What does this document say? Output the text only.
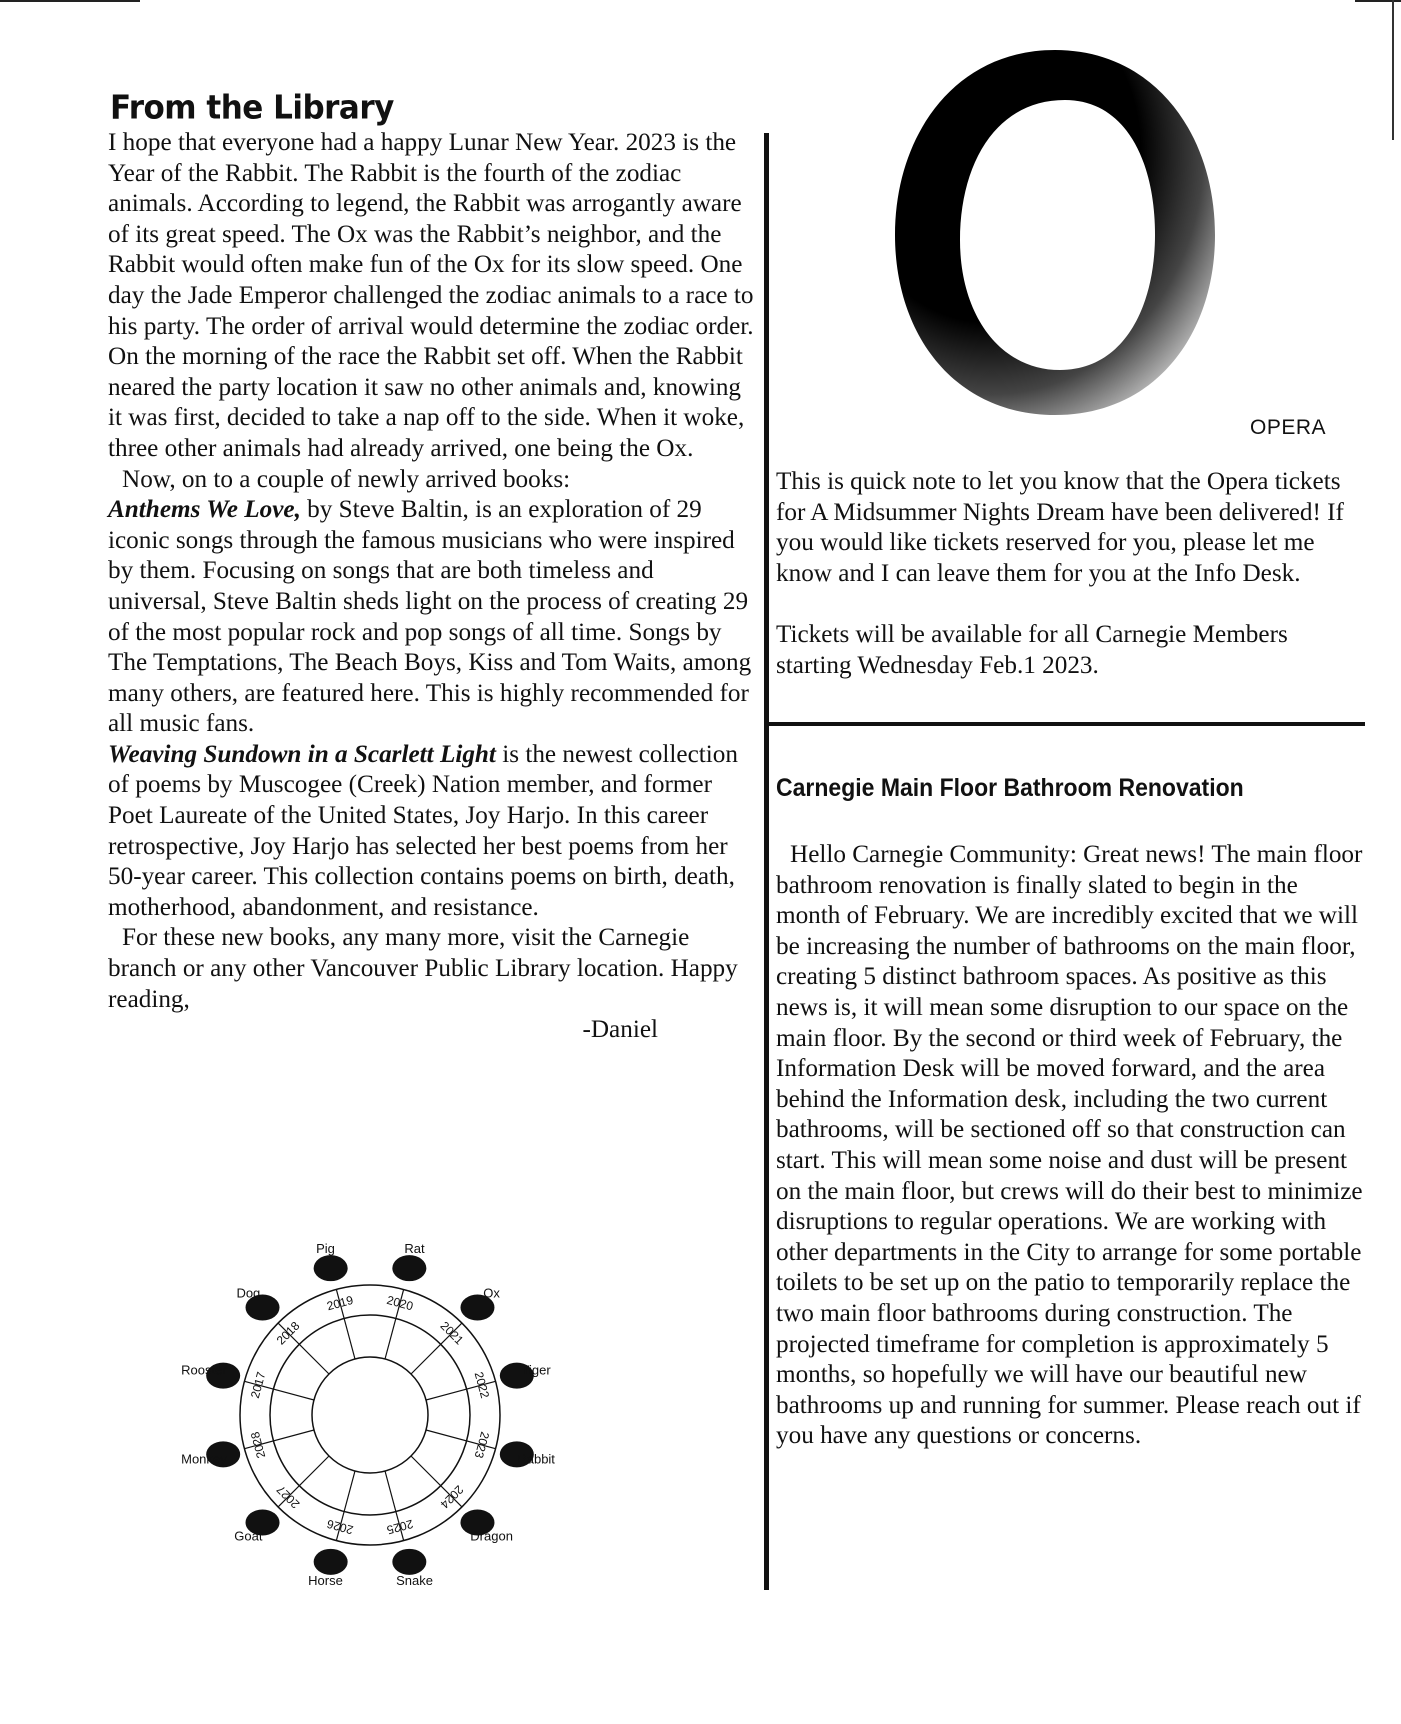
From the Library

I hope that everyone had a happy Lunar New Year. 2023 is the Year of the Rabbit. The Rabbit is the fourth of the zodiac animals. According to legend, the Rabbit was arrogantly aware of its great speed. The Ox was the Rabbit’s neighbor, and the Rabbit would often make fun of the Ox for its slow speed. One day the Jade Emperor challenged the zodiac animals to a race to his party. The order of arrival would determine the zodiac order. On the morning of the race the Rabbit set off. When the Rabbit neared the party location it saw no other animals and, knowing it was first, decided to take a nap off to the side. When it woke, three other animals had already arrived, one being the Ox.

Now, on to a couple of newly arrived books:

Anthems We Love, by Steve Baltin, is an exploration of 29 iconic songs through the famous musicians who were inspired by them. Focusing on songs that are both timeless and universal, Steve Baltin sheds light on the process of creating 29 of the most popular rock and pop songs of all time. Songs by The Temptations, The Beach Boys, Kiss and Tom Waits, among many others, are featured here. This is highly recommended for all music fans.

Weaving Sundown in a Scarlett Light is the newest collection of poems by Muscogee (Creek) Nation member, and former Poet Laureate of the United States, Joy Harjo. In this career retrospective, Joy Harjo has selected her best poems from her 50-year career. This collection contains poems on birth, death, motherhood, abandonment, and resistance.

For these new books, any many more, visit the Carnegie branch or any other Vancouver Public Library location. Happy reading,

-Daniel

2020
2021
2022
2023
2024
2025
2026
2027
2028
2017
2018
2019
Rat
Ox
Tiger
Rabbit
Dragon
Snake
Horse
Goat
Monkey
Rooster
Dog
Pig
OPERA

This is quick note to let you know that the Opera tickets for A Midsummer Nights Dream have been delivered! If you would like tickets reserved for you, please let me know and I can leave them for you at the Info Desk.

Tickets will be available for all Carnegie Members starting Wednesday Feb.1 2023.

Carnegie Main Floor Bathroom Renovation

Hello Carnegie Community: Great news! The main floor bathroom renovation is finally slated to begin in the month of February. We are incredibly excited that we will be increasing the number of bathrooms on the main floor, creating 5 distinct bathroom spaces. As positive as this news is, it will mean some disruption to our space on the main floor. By the second or third week of February, the Information Desk will be moved forward, and the area behind the Information desk, including the two current bathrooms, will be sectioned off so that construction can start. This will mean some noise and dust will be present on the main floor, but crews will do their best to minimize disruptions to regular operations. We are working with other departments in the City to arrange for some portable toilets to be set up on the patio to temporarily replace the two main floor bathrooms during construction. The projected timeframe for completion is approximately 5 months, so hopefully we will have our beautiful new bathrooms up and running for summer. Please reach out if you have any questions or concerns.
